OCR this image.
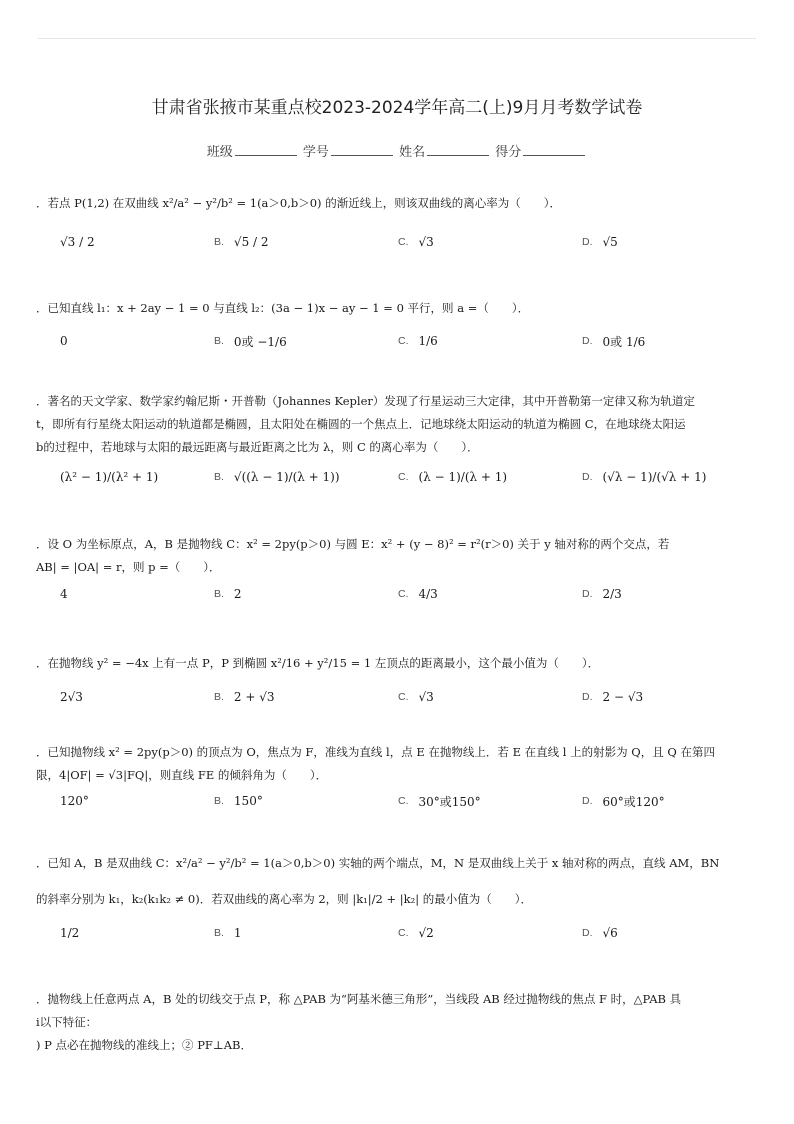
甘肃省张掖市某重点校2023-2024学年高二(上)9月月考数学试卷
班级	学号	姓名	得分
．若点 P(1,2) 在双曲线 x²/a² − y²/b² = 1(a＞0,b＞0) 的渐近线上，则该双曲线的离心率为（　　）．
√3 / 2	B. √5 / 2	C. √3	D. √5
．已知直线 l₁：x + 2ay − 1 = 0 与直线 l₂：(3a − 1)x − ay − 1 = 0 平行，则 a =（　　）．
0	B. 0或 −1/6	C. 1/6	D. 0或 1/6
．著名的天文学家、数学家约翰尼斯・开普勒（Johannes Kepler）发现了行星运动三大定律，其中开普勒第一定律又称为轨道定
t，即所有行星绕太阳运动的轨道都是椭圆，且太阳处在椭圆的一个焦点上．记地球绕太阳运动的轨道为椭圆 C，在地球绕太阳运
b的过程中，若地球与太阳的最远距离与最近距离之比为 λ，则 C 的离心率为（　　）．
(λ² − 1)/(λ² + 1)	B. √((λ − 1)/(λ + 1))	C. (λ − 1)/(λ + 1)	D. (√λ − 1)/(√λ + 1)
．设 O 为坐标原点，A，B 是抛物线 C：x² = 2py(p＞0) 与圆 E：x² + (y − 8)² = r²(r＞0) 关于 y 轴对称的两个交点，若
AB| = |OA| = r，则 p =（　　）．
4	B. 2	C. 4/3	D. 2/3
．在抛物线 y² = −4x 上有一点 P，P 到椭圆 x²/16 + y²/15 = 1 左顶点的距离最小，这个最小值为（　　）．
2√3	B. 2 + √3	C. √3	D. 2 − √3
．已知抛物线 x² = 2py(p＞0) 的顶点为 O，焦点为 F，准线为直线 l，点 E 在抛物线上．若 E 在直线 l 上的射影为 Q，且 Q 在第四
限，4|OF| = √3|FQ|，则直线 FE 的倾斜角为（　　）．
120°	B. 150°	C. 30°或150°	D. 60°或120°
．已知 A，B 是双曲线 C：x²/a² − y²/b² = 1(a＞0,b＞0) 实轴的两个端点，M，N 是双曲线上关于 x 轴对称的两点，直线 AM，BN
的斜率分别为 k₁，k₂(k₁k₂ ≠ 0)．若双曲线的离心率为 2，则 |k₁|/2 + |k₂| 的最小值为（　　）．
1/2	B. 1	C. √2	D. √6
．抛物线上任意两点 A，B 处的切线交于点 P，称 △PAB 为“阿基米德三角形”，当线段 AB 经过抛物线的焦点 F 时，△PAB 具
i以下特征：
) P 点必在抛物线的准线上；② PF⊥AB．
